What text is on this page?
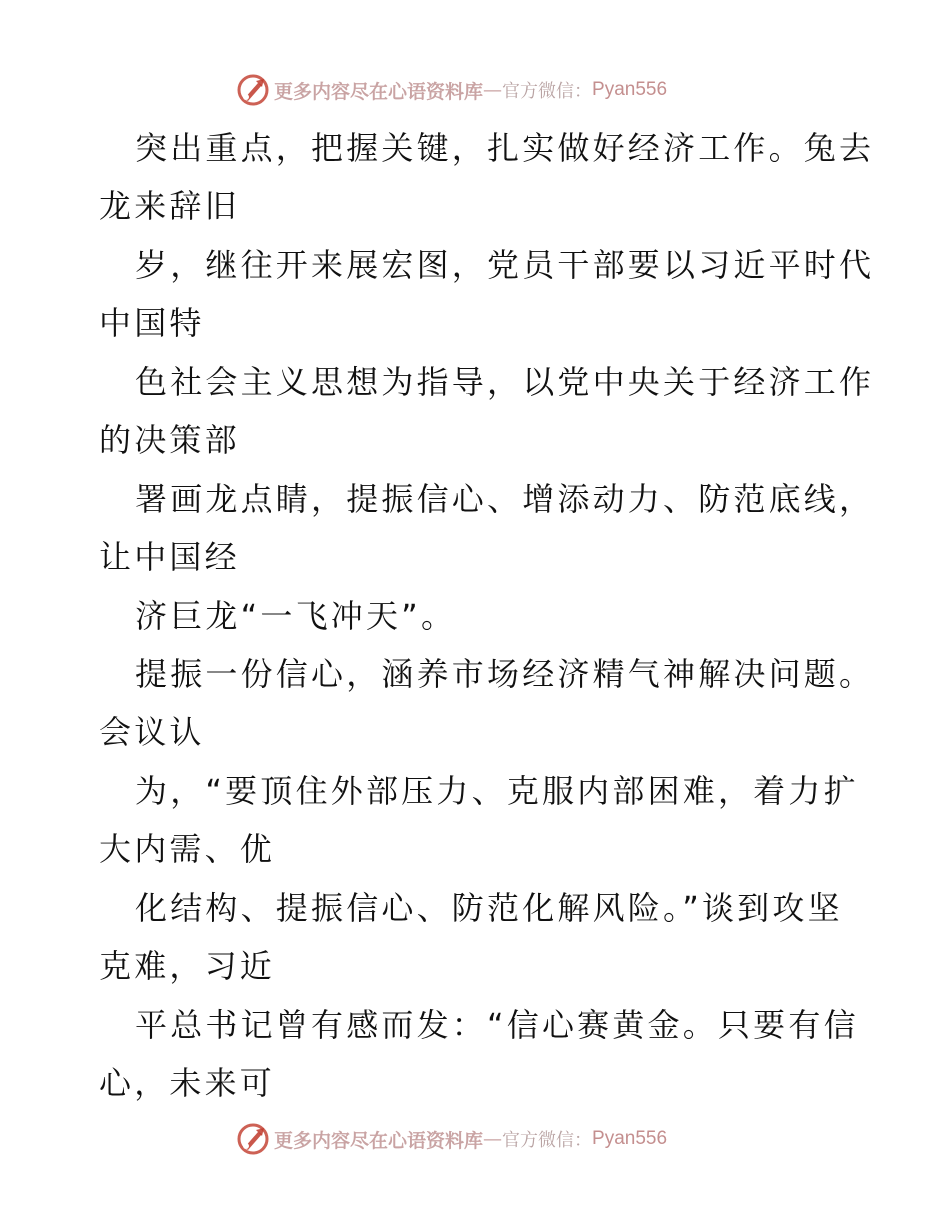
更多内容尽在心语资料库 — 官方微信： Pyan556
突出重点，把握关键，扎实做好经济工作。兔去
龙来辞旧
岁，继往开来展宏图，党员干部要以习近平时代
中国特
色社会主义思想为指导，以党中央关于经济工作
的决策部
署画龙点睛，提振信心、增添动力、防范底线，
让中国经
济巨龙“一飞冲天”。
提振一份信心，涵养市场经济精气神解决问题。
会议认
为，“要顶住外部压力、克服内部困难，着力扩
大内需、优
化结构、提振信心、防范化解风险。”谈到攻坚
克难，习近
平总书记曾有感而发：“信心赛黄金。只要有信
心，未来可
更多内容尽在心语资料库 — 官方微信： Pyan556
